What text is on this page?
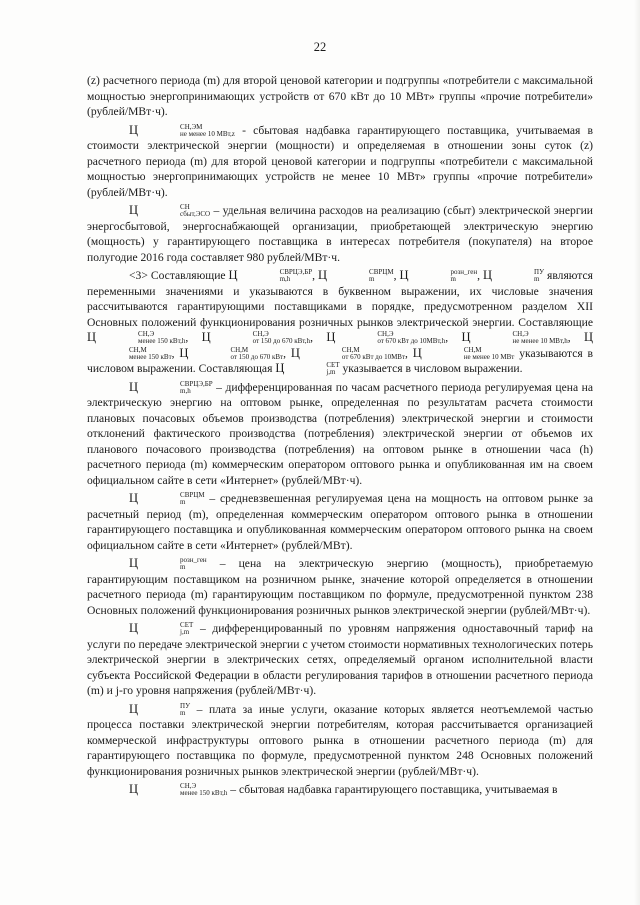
22

(z) расчетного периода (m) для второй ценовой категории и подгруппы «потребители с максимальной мощностью энергопринимающих устройств от 670 кВт до 10 МВт» группы «прочие потребители» (рублей/МВт·ч).

Ц	СН,ЭМ
не менее 10 МВт,z - сбытовая надбавка гарантирующего поставщика, учитываемая в стоимости электрической энергии (мощности) и определяемая в отношении зоны суток (z) расчетного периода (m) для второй ценовой категории и подгруппы «потребители с максимальной мощностью энергопринимающих устройств не менее 10 МВт» группы «прочие потребители» (рублей/МВт·ч).

Ц	СН
сбыт,ЭСО – удельная величина расходов на реализацию (сбыт) электрической энергии энергосбытовой, энергоснабжающей организации, приобретающей электрическую энергию (мощность) у гарантирующего поставщика в интересах потребителя (покупателя) на второе полугодие 2016 года составляет 980 рублей/МВт·ч.

<3> Составляющие Ц	СВРЦЭ,БР
m,h	, Ц	СВРЦМ
m	, Ц	розн_ген
m	, Ц	ПУ
m являются переменными значениями и указываются в буквенном выражении, их числовые значения рассчитываются гарантирующими поставщиками в порядке, предусмотренном разделом XII Основных положений функционирования розничных рынков электрической энергии. Составляющие Ц	СН,Э
менее 150 кВт,h , Ц	СН,Э
от 150 до 670 кВт,h , Ц	СН,Э
от 670 кВт до 10МВт,h , Ц	СН,Э
не менее 10 МВт,h , Ц
СН,М
менее 150 кВт , Ц	СН,М
от 150 до 670 кВт , Ц	СН,М
от 670 кВт до 10МВт , Ц	СН,М
не менее 10 МВт указываются в числовом выражении. Составляющая Ц	СЕТ
j,m указывается в числовом выражении.

Ц	СВРЦЭ,БР
m,h	– дифференцированная по часам расчетного периода регулируемая цена на электрическую энергию на оптовом рынке, определенная по результатам расчета стоимости плановых почасовых объемов производства (потребления) электрической энергии и стоимости отклонений фактического производства (потребления) электрической энергии от объемов их планового почасового производства (потребления) на оптовом рынке в отношении часа (h) расчетного периода (m) коммерческим оператором оптового рынка и опубликованная им на своем официальном сайте в сети «Интернет» (рублей/МВт·ч).

Ц	СВРЦМ
m	– средневзвешенная регулируемая цена на мощность на оптовом рынке за расчетный период (m), определенная коммерческим оператором оптового рынка в отношении гарантирующего поставщика и опубликованная коммерческим оператором оптового рынка на своем официальном сайте в сети «Интернет» (рублей/МВт).

Ц	розн_ген
m	– цена на электрическую энергию (мощность), приобретаемую гарантирующим поставщиком на розничном рынке, значение которой определяется в отношении расчетного периода (m) гарантирующим поставщиком по формуле, предусмотренной пунктом 238 Основных положений функционирования розничных рынков электрической энергии (рублей/МВт·ч).

Ц	СЕТ
j,m – дифференцированный по уровням напряжения одноставочный тариф на услуги по передаче электрической энергии с учетом стоимости нормативных технологических потерь электрической энергии в электрических сетях, определяемый органом исполнительной власти субъекта Российской Федерации в области регулирования тарифов в отношении расчетного периода (m) и j-го уровня напряжения (рублей/МВт·ч).

Ц	ПУ
m – плата за иные услуги, оказание которых является неотъемлемой частью процесса поставки электрической энергии потребителям, которая рассчитывается организацией коммерческой инфраструктуры оптового рынка в отношении расчетного периода (m) для гарантирующего поставщика по формуле, предусмотренной пунктом 248 Основных положений функционирования розничных рынков электрической энергии (рублей/МВт·ч).

Ц	СН,Э
менее 150 кВт,h – сбытовая надбавка гарантирующего поставщика, учитываемая в
